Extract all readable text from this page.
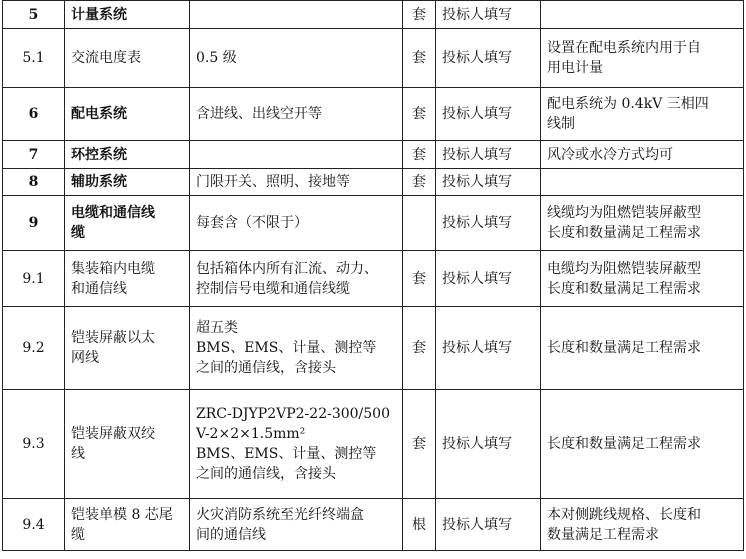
5	计量系统		套	投标人填写	
5.1	交流电度表	0.5 级	套	投标人填写	设置在配电系统内用于自
用电计量

6	配电系统	含进线、出线空开等	套	投标人填写	配电系统为 0.4kV 三相四
线制

7	环控系统		套	投标人填写	风冷或水冷方式均可

8	辅助系统	门限开关、照明、接地等	套	投标人填写	
9	电缆和通信线
缆	每套含（不限于）		投标人填写	线缆均为阻燃铠装屏蔽型
长度和数量满足工程需求

9.1	集装箱内电缆
和通信线	包括箱体内所有汇流、动力、
控制信号电缆和通信线缆	套	投标人填写	电缆均为阻燃铠装屏蔽型
长度和数量满足工程需求

9.2	铠装屏蔽以太
网线	超五类
BMS、EMS、计量、测控等
之间的通信线，含接头	套	投标人填写	长度和数量满足工程需求

9.3	铠装屏蔽双绞
线	ZRC-DJYP2VP2-22-300/500
V-2×2×1.5mm²
BMS、EMS、计量、测控等
之间的通信线，含接头	套	投标人填写	长度和数量满足工程需求

9.4	铠装单模 8 芯尾
缆	火灾消防系统至光纤终端盒
间的通信线	根	投标人填写	本对侧跳线规格、长度和
数量满足工程需求
